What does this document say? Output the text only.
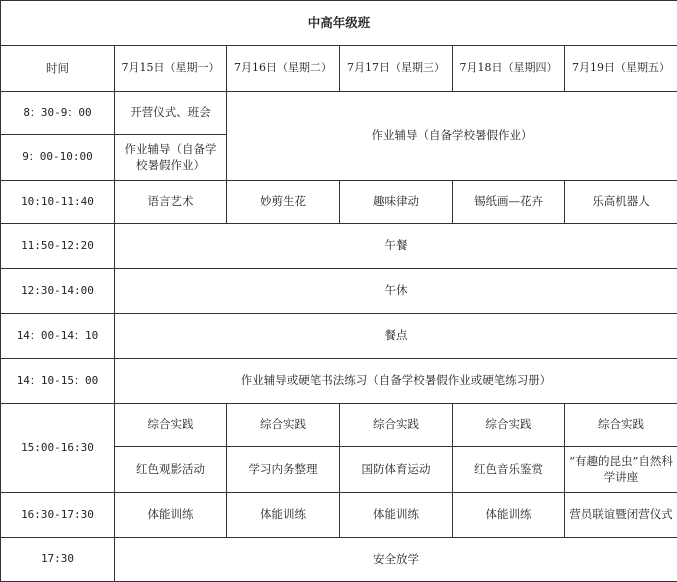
中高年级班					
时间	7月15日（星期一）	7月16日（星期二）	7月17日（星期三）	7月18日（星期四）	7月19日（星期五）
8：30-9：00	开营仪式、班会	作业辅导（自备学校暑假作业）			
9：00-10:00	作业辅导（自备学校暑假作业）				
10:10-11:40	语言艺术	妙剪生花	趣味律动	锡纸画—花卉	乐高机器人
11:50-12:20	午餐				
12:30-14:00	午休				
14：00-14：10	餐点				
14：10-15：00	作业辅导或硬笔书法练习（自备学校暑假作业或硬笔练习册）				
15:00-16:30	综合实践	综合实践	综合实践	综合实践	综合实践
	红色观影活动	学习内务整理	国防体育运动	红色音乐鉴赏	“有趣的昆虫”自然科学讲座
16:30-17:30	体能训练	体能训练	体能训练	体能训练	营员联谊暨闭营仪式
17:30	安全放学				
